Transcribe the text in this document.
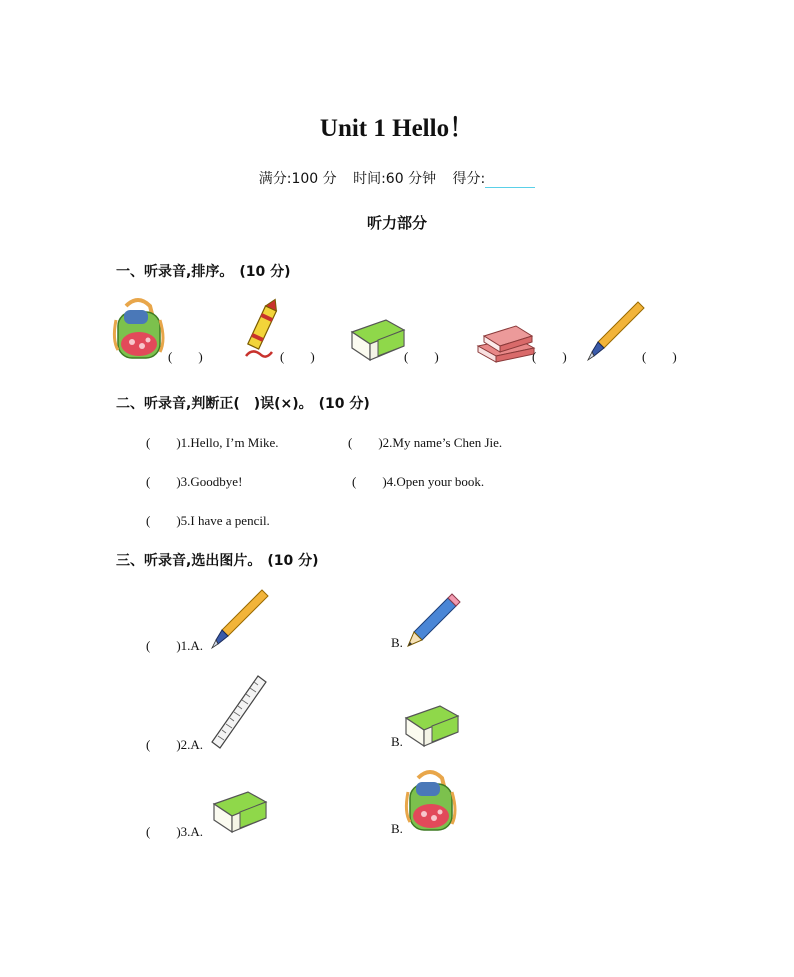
Unit 1 Hello！
满分:100 分 时间:60 分钟 得分:
听力部分
一、听录音,排序。 (10 分)
(　　)	(　　)	(　　)	(　　)	(　　)
二、听录音,判断正(　)误(×)。 (10 分)
(　　)1.Hello, I’m Mike.	(　　)2.My name’s Chen Jie.
(　　)3.Goodbye!	(　　)4.Open your book.
(　　)5.I have a pencil.
三、听录音,选出图片。 (10 分)
(　　)1.A.	B.
(　　)2.A.	B.
(　　)3.A.	B.
